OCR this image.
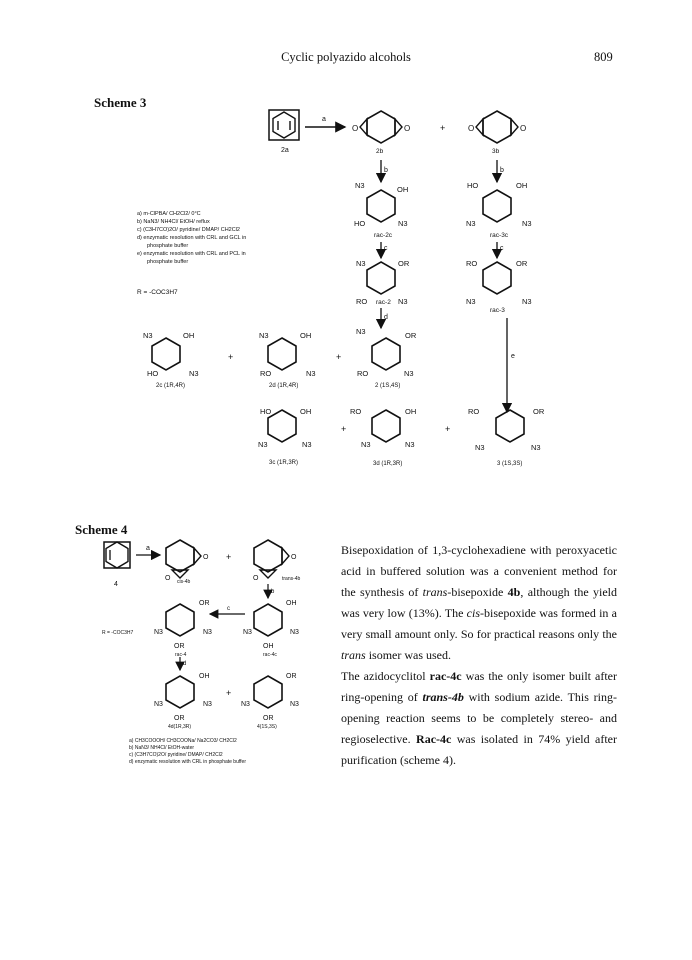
Cyclic polyazido alcohols	809
Scheme 3
Scheme 4
2a
a
O	O
2b
+	O	O
3b
b	b
N3	OH
HO	N3
rac-2c
HO	OH
N3	N3
rac-3c
c	c
N3	OR
RO	N3
rac-2
RO	OR
N3	N3
rac-3
a) m-ClPBA/ CH2Cl2/ 0°C
b) NaN3/ NH4Cl/ EtOH/ reflux
c) (C3H7CO)2O/ pyridine/ DMAP/ CH2Cl2
d) enzymatic resolution with CRL and GCL in
phosphate buffer
e) enzymatic resolution with CRL and PCL in
phosphate buffer
R = -COC3H7
d
e
N3	OH
HO	N3
2c (1R,4R)
+
N3	OH
RO	N3
2d (1R,4R)
+
N3	OR
RO	N3
2 (1S,4S)
HO	OH
N3	N3
3c (1R,3R)
+
RO	OH
N3	N3
3d (1R,3R)
+
RO	OR
N3	N3
3 (1S,3S)
4
a
O
O cis-4b
+	O
O	trans-4b
b
OH
N3	N3
OH
rac-4c
c
OR
N3	N3
OR
rac-4
R = -COC3H7
d
OH
N3	N3
OR
4d(1R,3R)
+
OR
N3	N3
OR
4(1S,3S)
a) CH3COOOH/ CH3COONa/ Na2CO3/ CH2Cl2
b) NaN3/ NH4Cl/ EtOH-water
c) (C3H7CO)2O/ pyridine/ DMAP/ CH2Cl2
d) enzymatic resolution with CRL in phosphate buffer

Bisepoxidation of 1,3-cyclohexadiene with peroxyacetic acid in buffered solution was a convenient method for the synthesis of trans-bisepoxide 4b, although the yield was very low (13%). The cis-bisepoxide was formed in a very small amount only. So for practical reasons only the trans isomer was used.

The azidocyclitol rac-4c was the only isomer built after ring-opening of trans-4b with sodium azide. This ring-opening reaction seems to be completely stereo- and regioselective. Rac-4c was isolated in 74% yield after purification (scheme 4).
